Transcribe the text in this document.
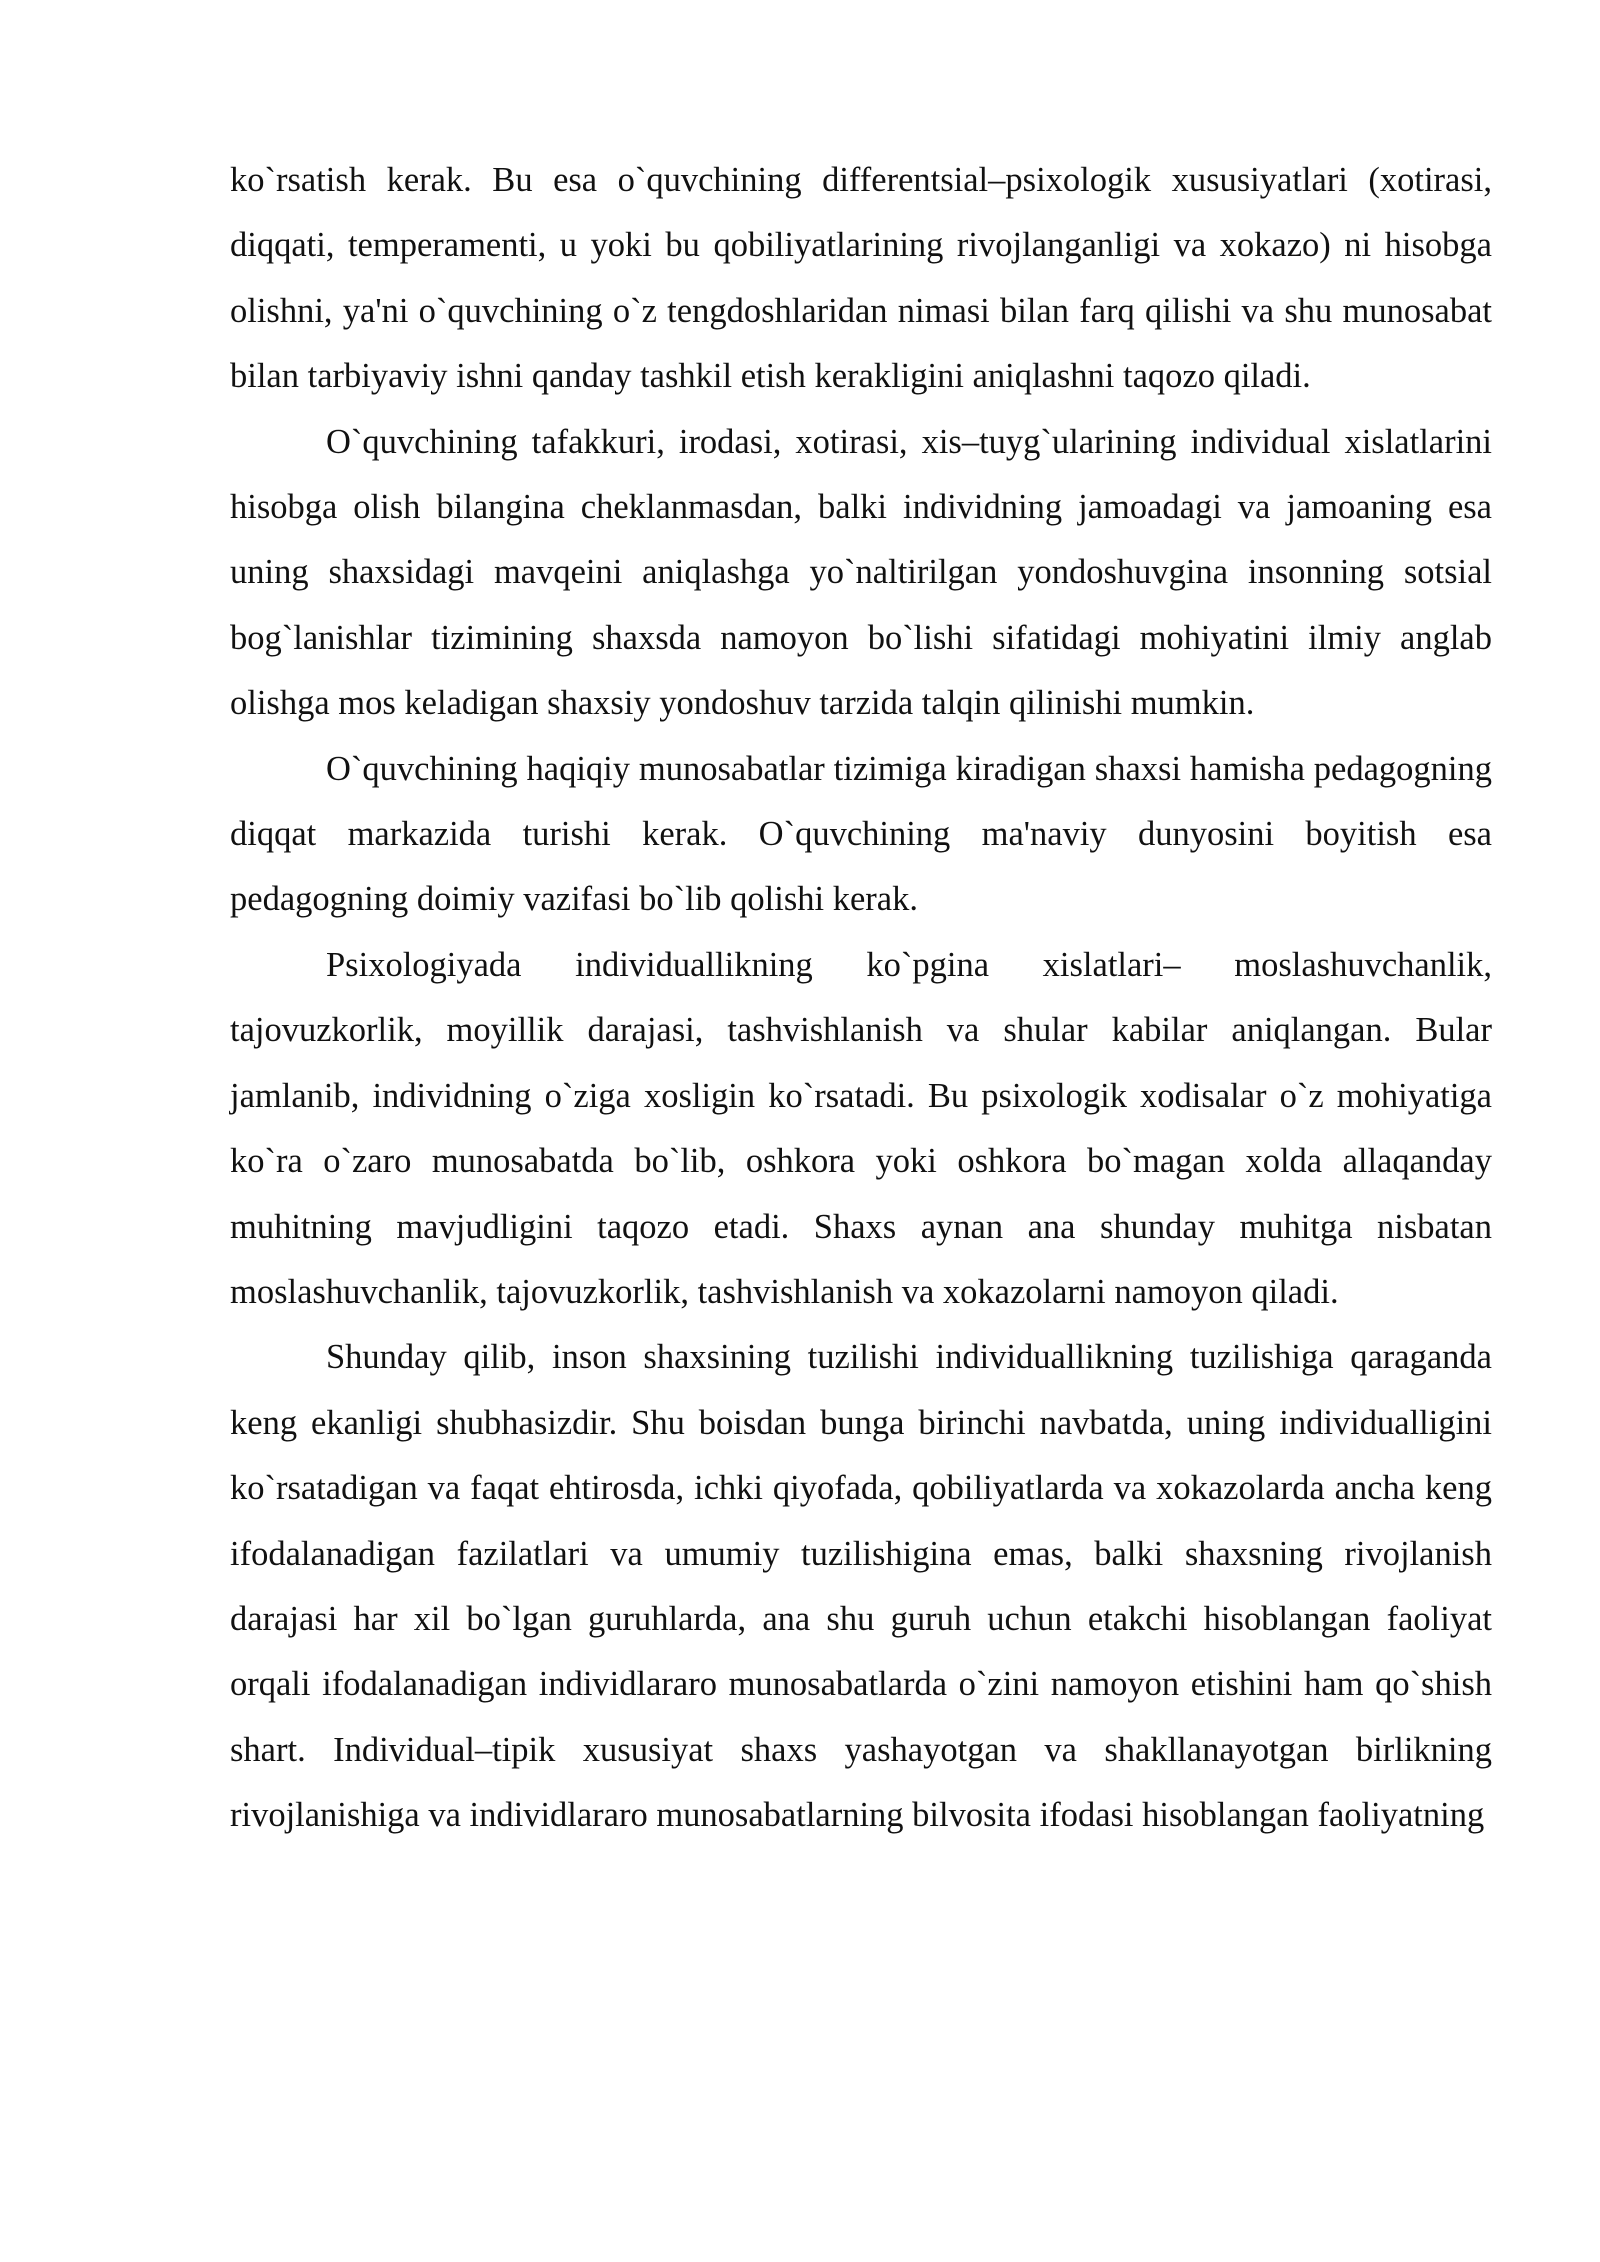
ko`rsatish kerak. Bu esa o`quvchining differentsial–psixologik xususiyatlari (xotirasi, diqqati, temperamenti, u yoki bu qobiliyatlarining rivojlanganligi va xokazo) ni hisobga olishni, ya'ni o`quvchining o`z tengdoshlaridan nimasi bilan farq qilishi va shu munosabat bilan tarbiyaviy ishni qanday tashkil etish kerakligini aniqlashni taqozo qiladi.

O`quvchining tafakkuri, irodasi, xotirasi, xis–tuyg`ularining individual xislatlarini hisobga olish bilangina cheklanmasdan, balki individning jamoadagi va jamoaning esa uning shaxsidagi mavqeini aniqlashga yo`naltirilgan yondoshuvgina insonning sotsial bog`lanishlar tizimining shaxsda namoyon bo`lishi sifatidagi mohiyatini ilmiy anglab olishga mos keladigan shaxsiy yondoshuv tarzida talqin qilinishi mumkin.

O`quvchining haqiqiy munosabatlar tizimiga kiradigan shaxsi hamisha pedagogning diqqat markazida turishi kerak. O`quvchining ma'naviy dunyosini boyitish esa pedagogning doimiy vazifasi bo`lib qolishi kerak.

Psixologiyada individuallikning ko`pgina xislatlari– moslashuvchanlik, tajovuzkorlik, moyillik darajasi, tashvishlanish va shular kabilar aniqlangan. Bular jamlanib, individning o`ziga xosligin ko`rsatadi. Bu psixologik xodisalar o`z mohiyatiga ko`ra o`zaro munosabatda bo`lib, oshkora yoki oshkora bo`magan xolda allaqanday muhitning mavjudligini taqozo etadi. Shaxs aynan ana shunday muhitga nisbatan moslashuvchanlik, tajovuzkorlik, tashvishlanish va xokazolarni namoyon qiladi.

Shunday qilib, inson shaxsining tuzilishi individuallikning tuzilishiga qaraganda keng ekanligi shubhasizdir. Shu boisdan bunga birinchi navbatda, uning individualligini ko`rsatadigan va faqat ehtirosda, ichki qiyofada, qobiliyatlarda va xokazolarda ancha keng ifodalanadigan fazilatlari va umumiy tuzilishigina emas, balki shaxsning rivojlanish darajasi har xil bo`lgan guruhlarda, ana shu guruh uchun etakchi hisoblangan faoliyat orqali ifodalanadigan individlararo munosabatlarda o`zini namoyon etishini ham qo`shish shart. Individual–tipik xususiyat shaxs yashayotgan va shakllanayotgan birlikning rivojlanishiga va individlararo munosabatlarning bilvosita ifodasi hisoblangan faoliyatning
